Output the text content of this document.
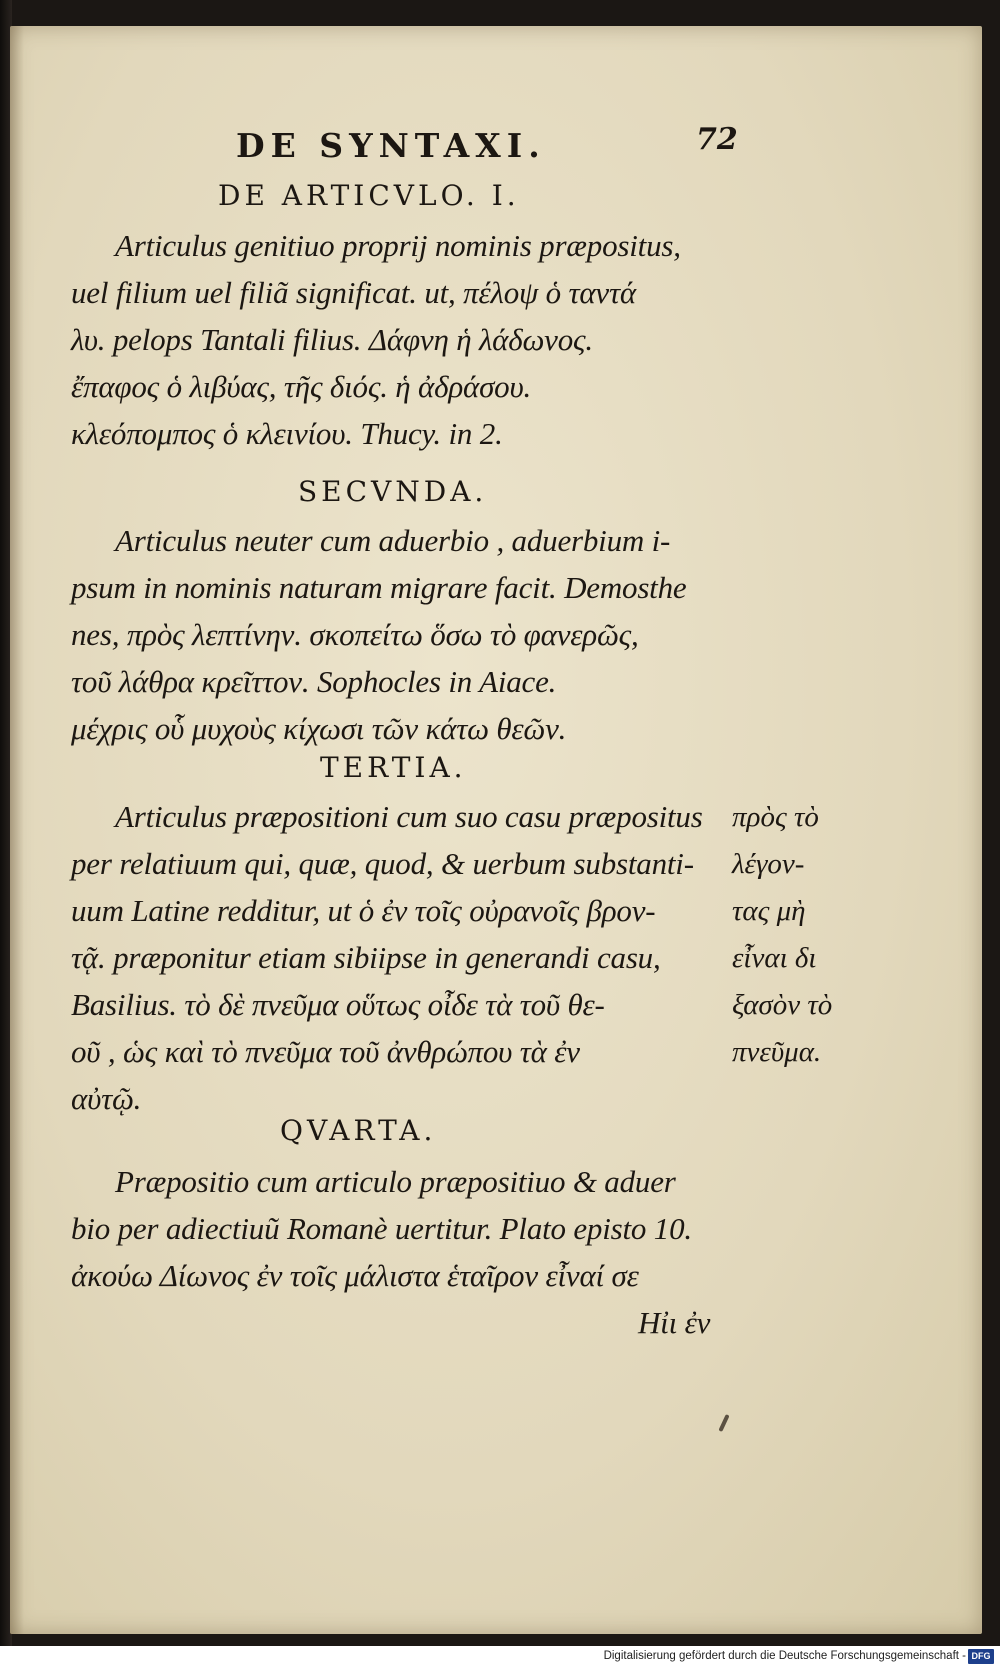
DE SYNTAXI.	72
DE ARTICVLO. I.
Articulus genitiuo proprij nominis præpositus,
uel filium uel filiã significat. ut, πέλοψ ὁ ταντά
λυ. pelops Tantali filius. Δάφνη ἡ λάδωνος.
ἔπαφος ὁ λιβύας, τῆς διός. ἡ ἀδράσου.
κλεόπομπος ὁ κλεινίου. Thucy. in 2.
SECVNDA.
Articulus neuter cum aduerbio , aduerbium i-
psum in nominis naturam migrare facit. Demosthe
nes, πρὸς λεπτίνην. σκοπείτω ὅσω τὸ φανερῶς,
τοῦ λάθρα κρεῖττον. Sophocles in Aiace.
μέχρις οὗ μυχοὺς κίχωσι τῶν κάτω θεῶν.
TERTIA.
Articulus præpositioni cum suo casu præpositus
per relatiuum qui, quæ, quod, & uerbum substanti-
uum Latine redditur, ut ὁ ἐν τοῖς οὐρανοῖς βρον-
τᾷ. præponitur etiam sibiipse in generandi casu,
Basilius. τὸ δὲ πνεῦμα οὕτως οἶδε τὰ τοῦ θε-
οῦ , ὡς καὶ τὸ πνεῦμα τοῦ ἀνθρώπου τὰ ἐν
αὐτῷ.
πρὸς τὸ
λέγον-
τας μὴ
εἶναι δι
ξασὸν τὸ
πνεῦμα.
QVARTA.
Præpositio cum articulo præpositiuo & aduer
bio per adiectiuũ Romanè uertitur. Plato episto 10.
ἀκούω Δίωνος ἐν τοῖς μάλιστα ἑταῖρον εἶναί σε
Ηἰι ἐν
Digitalisierung gefördert durch die Deutsche Forschungsgemeinschaft - DFG
